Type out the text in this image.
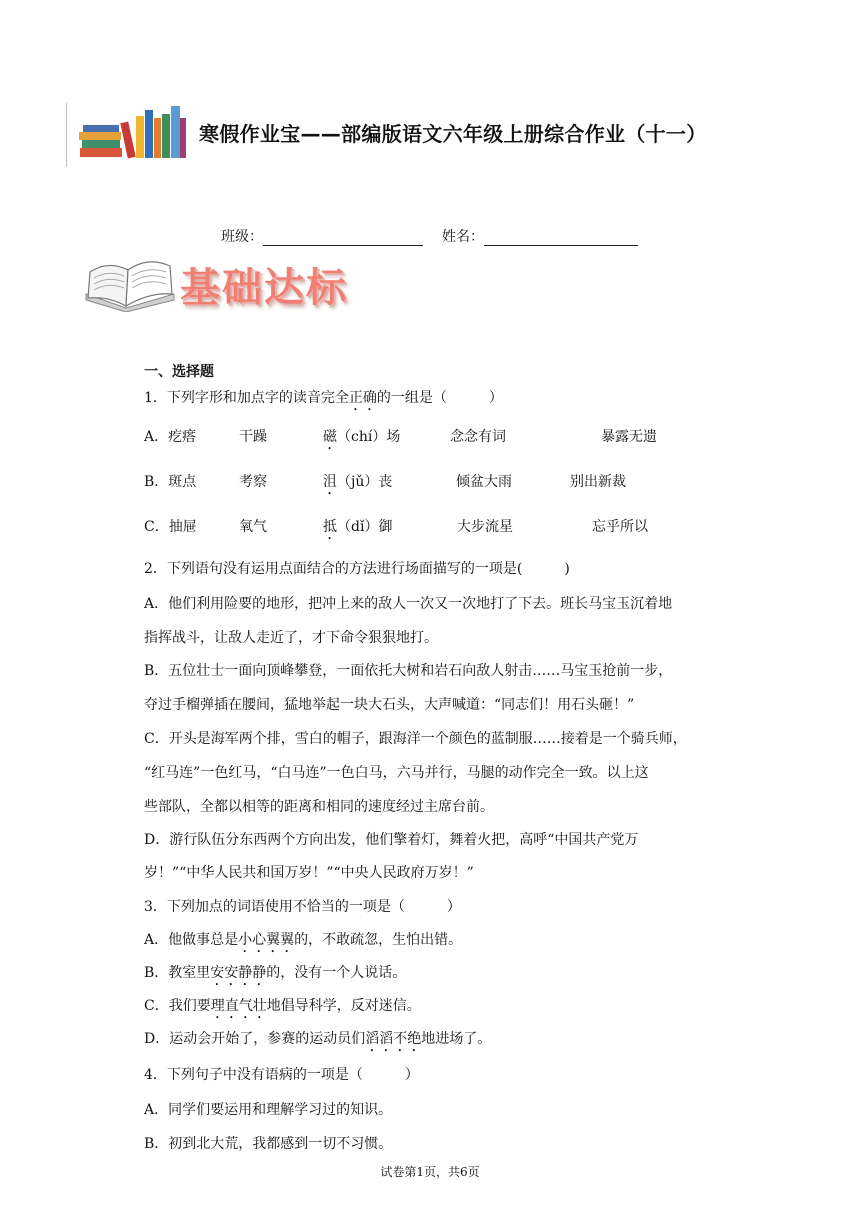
寒假作业宝——部编版语文六年级上册综合作业（十一）
班级：	姓名：
基础达标
一、选择题
1．下列字形和加点字的读音完全正确的一组是（　　　）
A．疙瘩	干躁	磁（chí）场	念念有词	暴露无遗
B．斑点	考察	沮（jǔ）丧	倾盆大雨	别出新裁
C．抽屉	氧气	抵（dǐ）御	大步流星	忘乎所以
2．下列语句没有运用点面结合的方法进行场面描写的一项是(　　　)
A．他们利用险要的地形，把冲上来的敌人一次又一次地打了下去。班长马宝玉沉着地
指挥战斗，让敌人走近了，才下命令狠狠地打。
B．五位壮士一面向顶峰攀登，一面依托大树和岩石向敌人射击……马宝玉抢前一步，
夺过手榴弹插在腰间，猛地举起一块大石头，大声喊道：“同志们！用石头砸！”
C．开头是海军两个排，雪白的帽子，跟海洋一个颜色的蓝制服……接着是一个骑兵师，
“红马连”一色红马，“白马连”一色白马，六马并行，马腿的动作完全一致。以上这
些部队，全都以相等的距离和相同的速度经过主席台前。
D．游行队伍分东西两个方向出发，他们擎着灯，舞着火把，高呼“中国共产党万
岁！”“中华人民共和国万岁！”“中央人民政府万岁！”
3．下列加点的词语使用不恰当的一项是（　　　）
A．他做事总是小心翼翼的，不敢疏忽，生怕出错。
B．教室里安安静静的，没有一个人说话。
C．我们要理直气壮地倡导科学，反对迷信。
D．运动会开始了，参赛的运动员们滔滔不绝地进场了。
4．下列句子中没有语病的一项是（　　　）
A．同学们要运用和理解学习过的知识。
B．初到北大荒，我都感到一切不习惯。
试卷第1页，共6页
